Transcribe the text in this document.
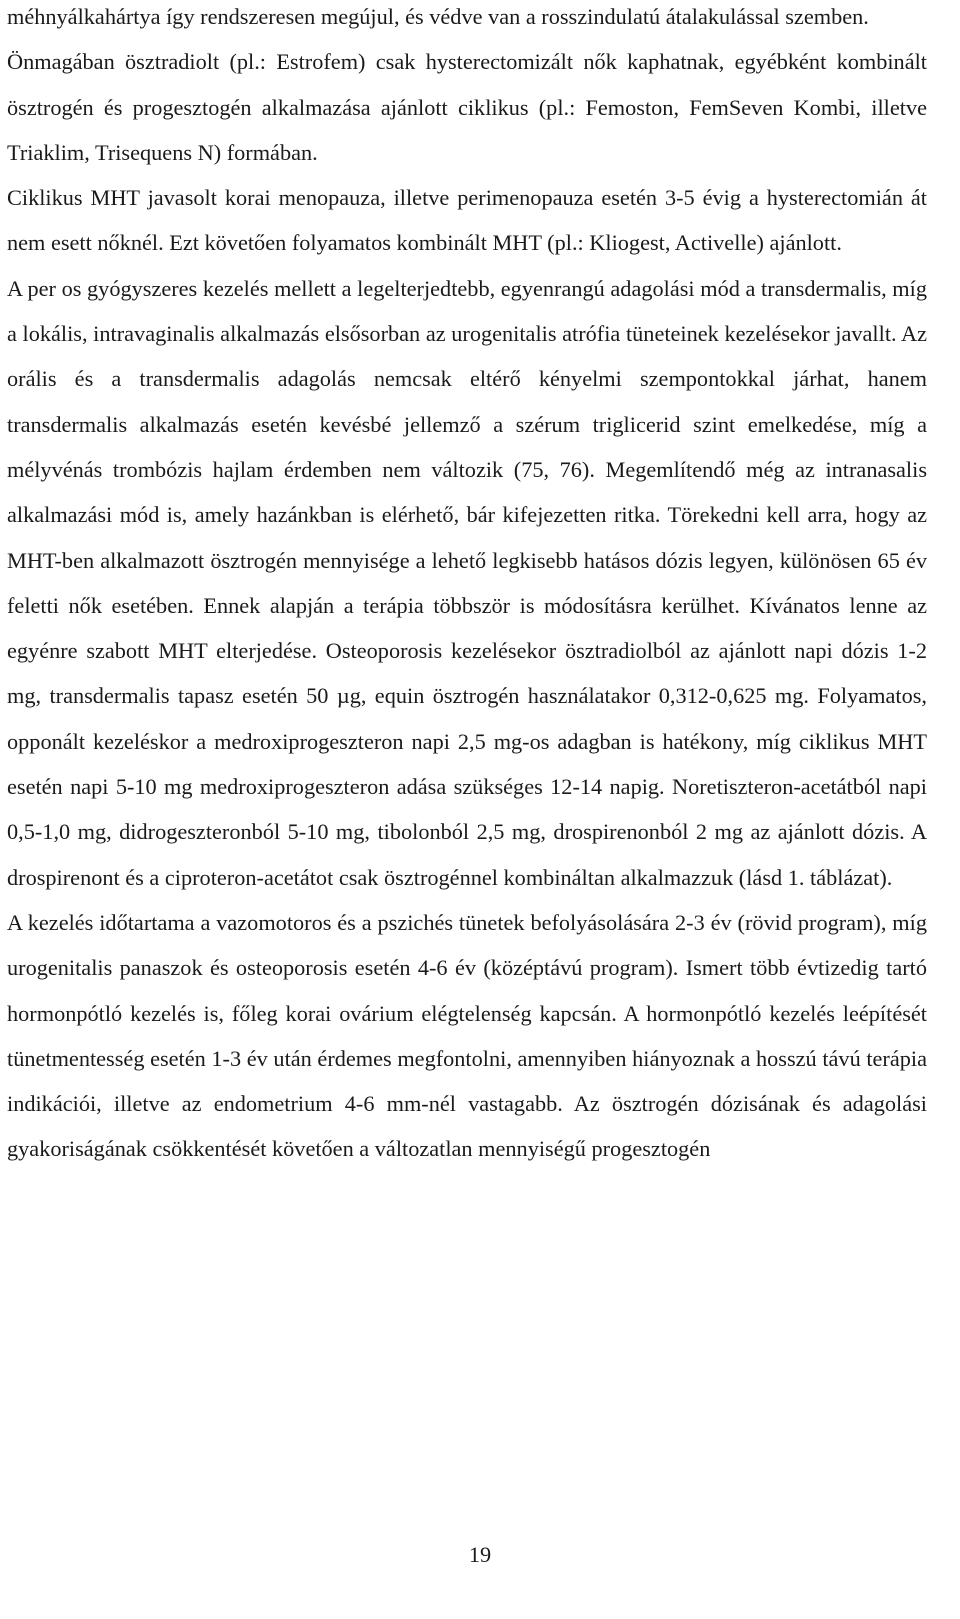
méhnyálkahártya így rendszeresen megújul, és védve van a rosszindulatú átalakulással szemben.

Önmagában ösztradiolt (pl.: Estrofem) csak hysterectomizált nők kaphatnak, egyébként kombinált ösztrogén és progesztogén alkalmazása ajánlott ciklikus (pl.: Femoston, FemSeven Kombi, illetve Triaklim, Trisequens N) formában.

Ciklikus MHT javasolt korai menopauza, illetve perimenopauza esetén 3-5 évig a hysterectomián át nem esett nőknél. Ezt követően folyamatos kombinált MHT (pl.: Kliogest, Activelle) ajánlott.

A per os gyógyszeres kezelés mellett a legelterjedtebb, egyenrangú adagolási mód a transdermalis, míg a lokális, intravaginalis alkalmazás elsősorban az urogenitalis atrófia tüneteinek kezelésekor javallt. Az orális és a transdermalis adagolás nemcsak eltérő kényelmi szempontokkal járhat, hanem transdermalis alkalmazás esetén kevésbé jellemző a szérum triglicerid szint emelkedése, míg a mélyvénás trombózis hajlam érdemben nem változik (75, 76). Megemlítendő még az intranasalis alkalmazási mód is, amely hazánkban is elérhető, bár kifejezetten ritka. Törekedni kell arra, hogy az MHT-ben alkalmazott ösztrogén mennyisége a lehető legkisebb hatásos dózis legyen, különösen 65 év feletti nők esetében. Ennek alapján a terápia többször is módosításra kerülhet. Kívánatos lenne az egyénre szabott MHT elterjedése. Osteoporosis kezelésekor ösztradiolból az ajánlott napi dózis 1-2 mg, transdermalis tapasz esetén 50 µg, equin ösztrogén használatakor 0,312-0,625 mg. Folyamatos, opponált kezeléskor a medroxiprogeszteron napi 2,5 mg-os adagban is hatékony, míg ciklikus MHT esetén napi 5-10 mg medroxiprogeszteron adása szükséges 12-14 napig. Noretiszteron-acetátból napi 0,5-1,0 mg, didrogeszteronból 5-10 mg, tibolonból 2,5 mg, drospirenonból 2 mg az ajánlott dózis. A drospirenont és a ciproteron-acetátot csak ösztrogénnel kombináltan alkalmazzuk (lásd 1. táblázat).

A kezelés időtartama a vazomotoros és a pszichés tünetek befolyásolására 2-3 év (rövid program), míg urogenitalis panaszok és osteoporosis esetén 4-6 év (középtávú program). Ismert több évtizedig tartó hormonpótló kezelés is, főleg korai ovárium elégtelenség kapcsán. A hormonpótló kezelés leépítését tünetmentesség esetén 1-3 év után érdemes megfontolni, amennyiben hiányoznak a hosszú távú terápia indikációi, illetve az endometrium 4-6 mm-nél vastagabb. Az ösztrogén dózisának és adagolási gyakoriságának csökkentését követően a változatlan mennyiségű progesztogén

19
